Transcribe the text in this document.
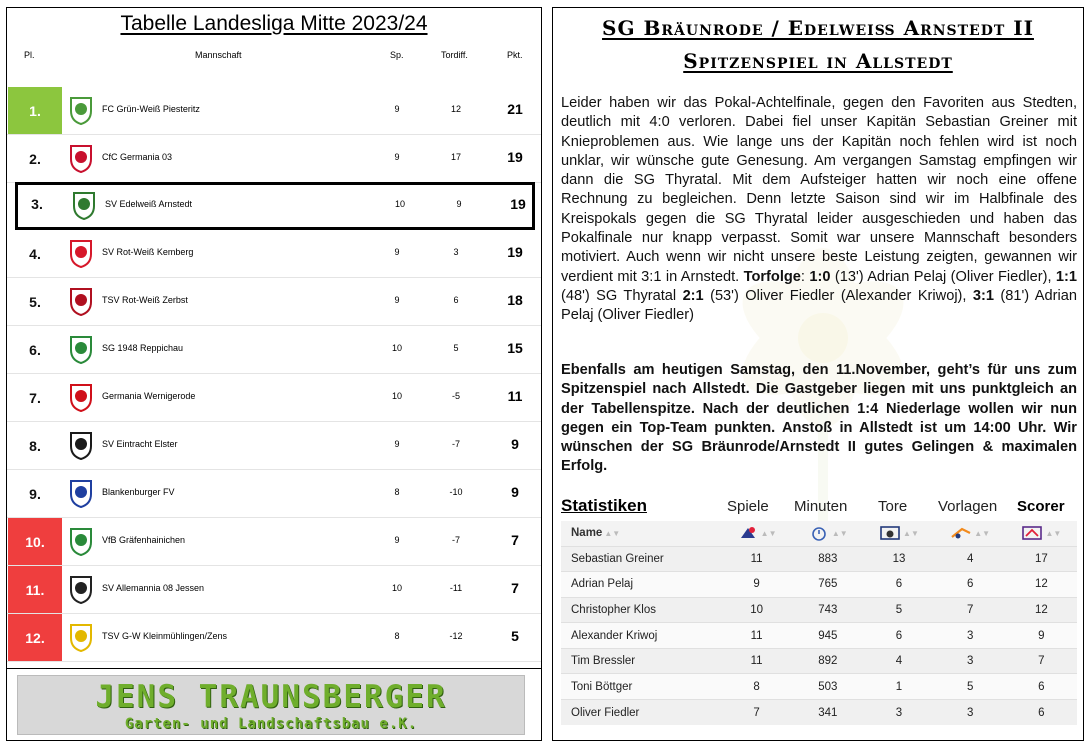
Tabelle Landesliga Mitte 2023/24
Pl.	Mannschaft	Sp.	Tordiff.	Pkt.
1.	FC Grün-Weiß Piesteritz	9	12	21
2.	CfC Germania 03	9	17	19
3.	SV Edelweiß Arnstedt	10	9	19
4.	SV Rot-Weiß Kemberg	9	3	19
5.	TSV Rot-Weiß Zerbst	9	6	18
6.	SG 1948 Reppichau	10	5	15
7.	Germania Wernigerode	10	-5	11
8.	SV Eintracht Elster	9	-7	9
9.	Blankenburger FV	8	-10	9
10.	VfB Gräfenhainichen	9	-7	7
11.	SV Allemannia 08 Jessen	10	-11	7
12.	TSV G-W Kleinmühlingen/Zens	8	-12	5
JENS TRAUNSBERGER
Garten- und Landschaftsbau e.K.
SG Bräunrode / Edelweiß Arnstedt II
Spitzenspiel in Allstedt
Leider haben wir das Pokal-Achtelfinale, gegen den Favoriten aus Stedten, deutlich mit 4:0 verloren. Dabei fiel unser Kapitän Sebastian Greiner mit Knieproblemen aus. Wie lange uns der Kapitän noch fehlen wird ist noch unklar, wir wünsche gute Genesung. Am vergangen Samstag empfingen wir dann die SG Thyratal. Mit dem Aufsteiger hatten wir noch eine offene Rechnung zu begleichen. Denn letzte Saison sind wir im Halbfinale des Kreispokals gegen die SG Thyratal leider ausgeschieden und haben das Pokalfinale nur knapp verpasst. Somit war unsere Mannschaft besonders motiviert. Auch wenn wir nicht unsere beste Leistung zeigten, gewannen wir verdient mit 3:1 in Arnstedt. Torfolge: 1:0 (13') Adrian Pelaj (Oliver Fiedler), 1:1 (48') SG Thyratal 2:1 (53') Oliver Fiedler (Alexander Kriwoj), 3:1 (81') Adrian Pelaj (Oliver Fiedler)
Ebenfalls am heutigen Samstag, den 11.November, geht’s für uns zum Spitzenspiel nach Allstedt. Die Gastgeber liegen mit uns punktgleich an der Tabellenspitze. Nach der deutlichen 1:4 Niederlage wollen wir nun gegen ein Top-Team punkten. Anstoß in Allstedt ist um 14:00 Uhr. Wir wünschen der SG Bräunrode/Arnstedt II gutes Gelingen & maximalen Erfolg.
Statistiken	Spiele Minuten Tore Vorlagen Scorer
Name ▲▼	▲▼	▲▼	▲▼	▲▼	▲▼
Sebastian Greiner	11	883	13	4	17
Adrian Pelaj	9	765	6	6	12
Christopher Klos	10	743	5	7	12
Alexander Kriwoj	11	945	6	3	9
Tim Bressler	11	892	4	3	7
Toni Böttger	8	503	1	5	6
Oliver Fiedler	7	341	3	3	6
